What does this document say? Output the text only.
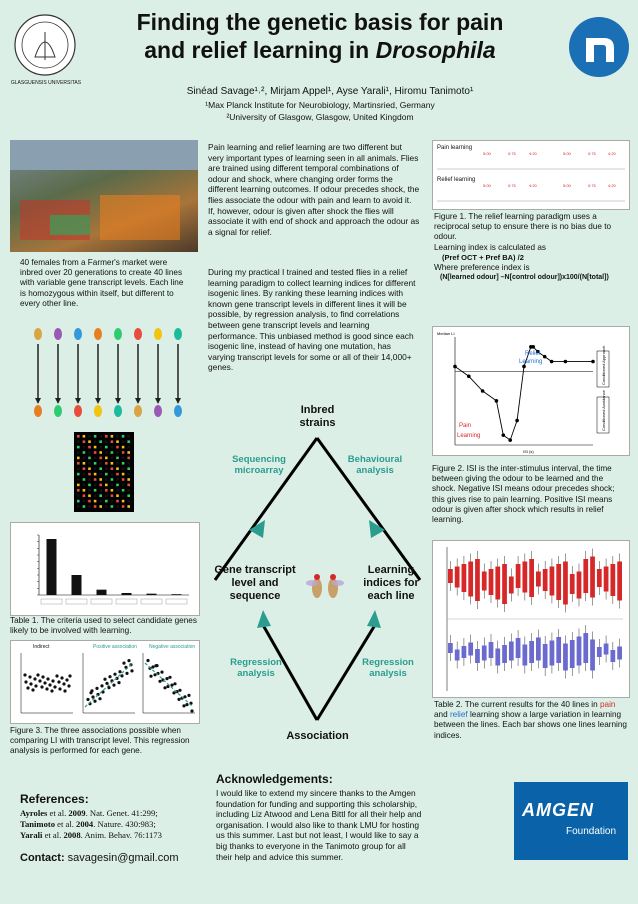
GLASGUENSIS UNIVERSITAS
Finding the genetic basis for pain
and relief learning in Drosophila
Sinéad Savage¹˒², Mirjam Appel¹, Ayse Yarali¹, Hiromu Tanimoto¹
¹Max Planck Institute for Neurobiology, Martinsried, Germany
²University of Glasgow, Glasgow, United Kingdom
40 females from a Farmer's market were inbred over 20 generations to create 40 lines with variable gene transcript levels. Each line is homozygous within itself, but different to every other line.
Table 1. The criteria used to select candidate genes likely to be involved with learning.
Indirect	Positive association Negative association
Figure 3. The three associations possible when comparing LI with transcript level. This regression analysis is performed for each gene.
References:
Ayroles et al. 2009. Nat. Genet. 41:299;
Tanimoto et al. 2004. Nature. 430:983;
Yarali et al. 2008. Anim. Behav. 76:1173
Contact: savagesin@gmail.com
Pain learning and relief learning are two different but very important types of learning seen in all animals. Flies are trained using different temporal combinations of odour and shock, where changing order forms the different learning outcomes. If odour precedes shock, the flies associate the odour with pain and learn to avoid it. If, however, odour is given after shock the flies will associate it with end of shock and approach the odour as a signal for relief.
During my practical I trained and tested flies in a relief learning paradigm to collect learning indices for different isogenic lines. By ranking these learning indices with known gene transcript levels in different lines it will be possible, by regression analysis, to find correlations between gene transcript levels and learning performance. This unbiased method is good since each isogenic line, instead of having one mutation, has varying transcript levels for some or all of their 14,000+ genes.
Inbred strains
Sequencing microarray
Behavioural analysis
Gene transcript level and sequence
Learning indices for each line
Regression analysis
Regression analysis
Association
Acknowledgements:
I would like to extend my sincere thanks to the Amgen foundation for funding and supporting this scholarship, including Liz Atwood and Lena Bittl for all their help and organisation. I would also like to thank LMU for hosting us this summer. Last but not least, I would like to say a big thanks to everyone in the Tanimoto group for all their help and advice this summer.
Pain learning
Relief learning
5:00	0:75	4:20	5:00	0:75	4:20
5:00	0:75	4:20	5:00	0:75	4:20
Figure 1. The relief learning paradigm uses a reciprocal setup to ensure there is no bias due to odour.
Learning index is calculated as
(Pref OCT + Pref BA) /2
Where preference index is
(N[learned odour] –N[control odour])x100/(N[total])
Relief
Learning
Pain
Learning
Median LI
ISI (s)
Conditioned Approach
Conditioned Avoidance
Figure 2. ISI is the inter-stimulus interval, the time between giving the odour to be learned and the shock. Negative ISI means odour precedes shock; this gives rise to pain learning. Positive ISI means odour is given after shock which results in relief learning.
Table 2. The current results for the 40 lines in pain and relief learning show a large variation in learning between the lines. Each bar shows one lines learning indices.
AMGEN
Foundation
